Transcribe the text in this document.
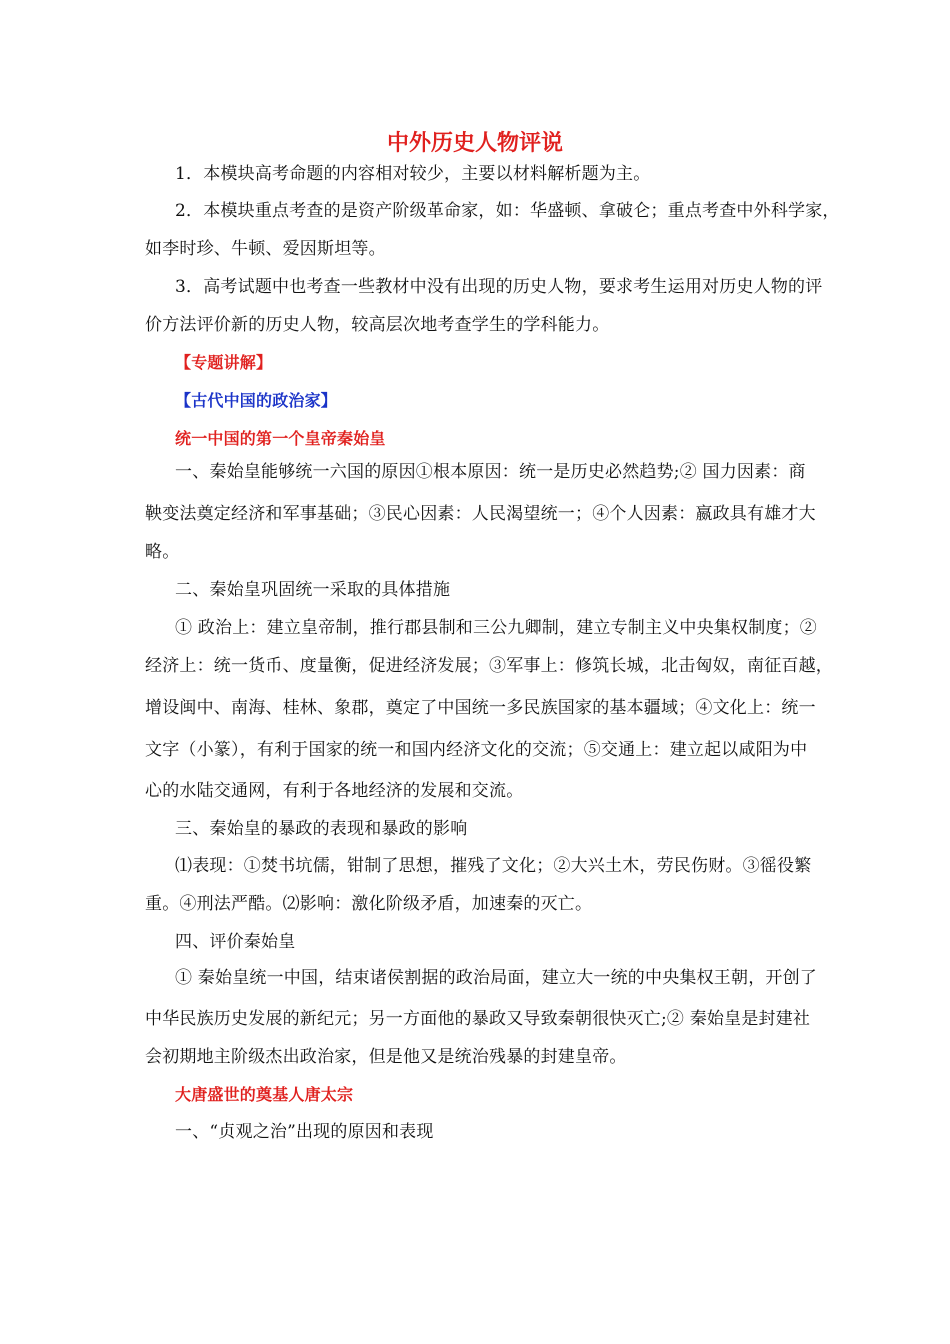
中外历史人物评说
1．本模块高考命题的内容相对较少，主要以材料解析题为主。
2．本模块重点考查的是资产阶级革命家，如：华盛顿、拿破仑；重点考查中外科学家，
如李时珍、牛顿、爱因斯坦等。
3．高考试题中也考查一些教材中没有出现的历史人物，要求考生运用对历史人物的评
价方法评价新的历史人物，较高层次地考查学生的学科能力。
【专题讲解】
【古代中国的政治家】
统一中国的第一个皇帝秦始皇
一、秦始皇能够统一六国的原因①根本原因：统一是历史必然趋势;② 国力因素：商
鞅变法奠定经济和军事基础；③民心因素：人民渴望统一；④个人因素：嬴政具有雄才大
略。
二、秦始皇巩固统一采取的具体措施
① 政治上：建立皇帝制，推行郡县制和三公九卿制，建立专制主义中央集权制度；②
经济上：统一货币、度量衡，促进经济发展；③军事上：修筑长城，北击匈奴，南征百越，
增设闽中、南海、桂林、象郡，奠定了中国统一多民族国家的基本疆域；④文化上：统一
文字（小篆），有利于国家的统一和国内经济文化的交流；⑤交通上：建立起以咸阳为中
心的水陆交通网，有利于各地经济的发展和交流。
三、秦始皇的暴政的表现和暴政的影响
⑴表现：①焚书坑儒，钳制了思想，摧残了文化；②大兴土木，劳民伤财。③徭役繁
重。④刑法严酷。⑵影响：激化阶级矛盾，加速秦的灭亡。
四、评价秦始皇
① 秦始皇统一中国，结束诸侯割据的政治局面，建立大一统的中央集权王朝，开创了
中华民族历史发展的新纪元；另一方面他的暴政又导致秦朝很快灭亡;② 秦始皇是封建社
会初期地主阶级杰出政治家，但是他又是统治残暴的封建皇帝。
大唐盛世的奠基人唐太宗
一、“贞观之治”出现的原因和表现
